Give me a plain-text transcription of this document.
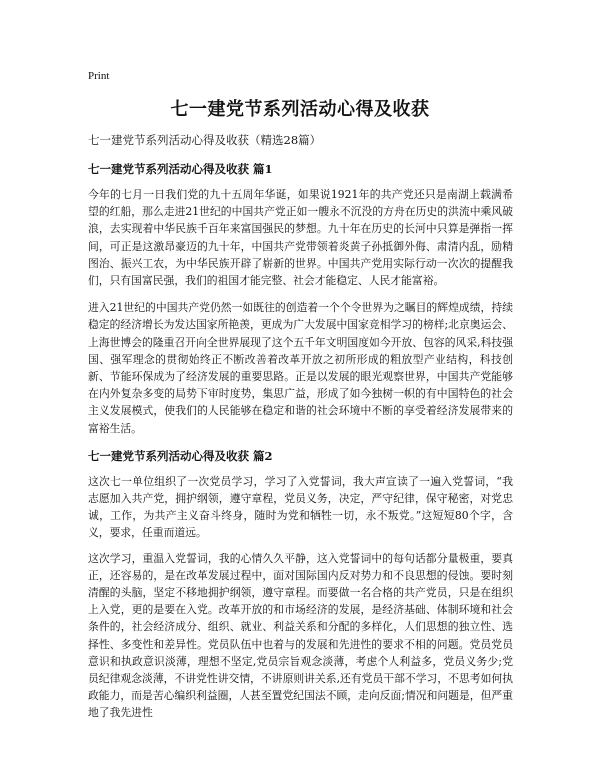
Print
七一建党节系列活动心得及收获

七一建党节系列活动心得及收获（精选28篇）

七一建党节系列活动心得及收获 篇1

今年的七月一日我们党的九十五周年华诞，如果说1921年的共产党还只是南湖上载满希望的红船，那么走进21世纪的中国共产党正如一艘永不沉没的方舟在历史的洪流中乘风破浪，去实现着中华民族千百年来富国强民的梦想。九十年在历史的长河中只算是弹指一挥间，可正是这激昂豪迈的九十年，中国共产党带领着炎黄子孙抵御外侮、肃清内乱，励精图治、振兴工农，为中华民族开辟了崭新的世界。中国共产党用实际行动一次次的提醒我们，只有国富民强，我们的祖国才能完整、社会才能稳定、人民才能富裕。

进入21世纪的中国共产党仍然一如既往的创造着一个个令世界为之瞩目的辉煌成绩，持续稳定的经济增长为发达国家所艳羡，更成为广大发展中国家竞相学习的榜样;北京奥运会、上海世博会的隆重召开向全世界展现了这个五千年文明国度如今开放、包容的风采,科技强国、强军理念的贯彻始终正不断改善着改革开放之初所形成的粗放型产业结构，科技创新、节能环保成为了经济发展的重要思路。正是以发展的眼光观察世界，中国共产党能够在内外复杂多变的局势下审时度势，集思广益，形成了如今独树一帜的有中国特色的社会主义发展模式，使我们的人民能够在稳定和谐的社会环境中不断的享受着经济发展带来的富裕生活。

七一建党节系列活动心得及收获 篇2

这次七一单位组织了一次党员学习，学习了入党誓词，我大声宣读了一遍入党誓词，“我志愿加入共产党，拥护纲领，遵守章程，党员义务，决定，严守纪律，保守秘密，对党忠诚，工作，为共产主义奋斗终身，随时为党和牺牲一切，永不叛党。”这短短80个字，含义，要求，任重而道远。

这次学习，重温入党誓词，我的心情久久平静，这入党誓词中的每句话都分量极重，要真正，还容易的，是在改革发展过程中，面对国际国内反对势力和不良思想的侵蚀。要时刻清醒的头脑，坚定不移地拥护纲领，遵守章程。而要做一名合格的共产党员，只是在组织上入党，更的是要在入党。改革开放的和市场经济的发展，是经济基础、体制环境和社会条件的，社会经济成分、组织、就业、利益关系和分配的多样化，人们思想的独立性、选择性、多变性和差异性。党员队伍中也着与的发展和先进性的要求不相的问题。党员党员意识和执政意识淡薄，理想不坚定,党员宗旨观念淡薄，考虑个人利益多，党员义务少;党员纪律观念淡薄，不讲党性讲交情，不讲原则讲关系,还有党员干部不学习，不思考如何执政能力，而是苦心编织利益圈，人甚至置党纪国法不顾，走向反面;情况和问题是，但严重地了我先进性
